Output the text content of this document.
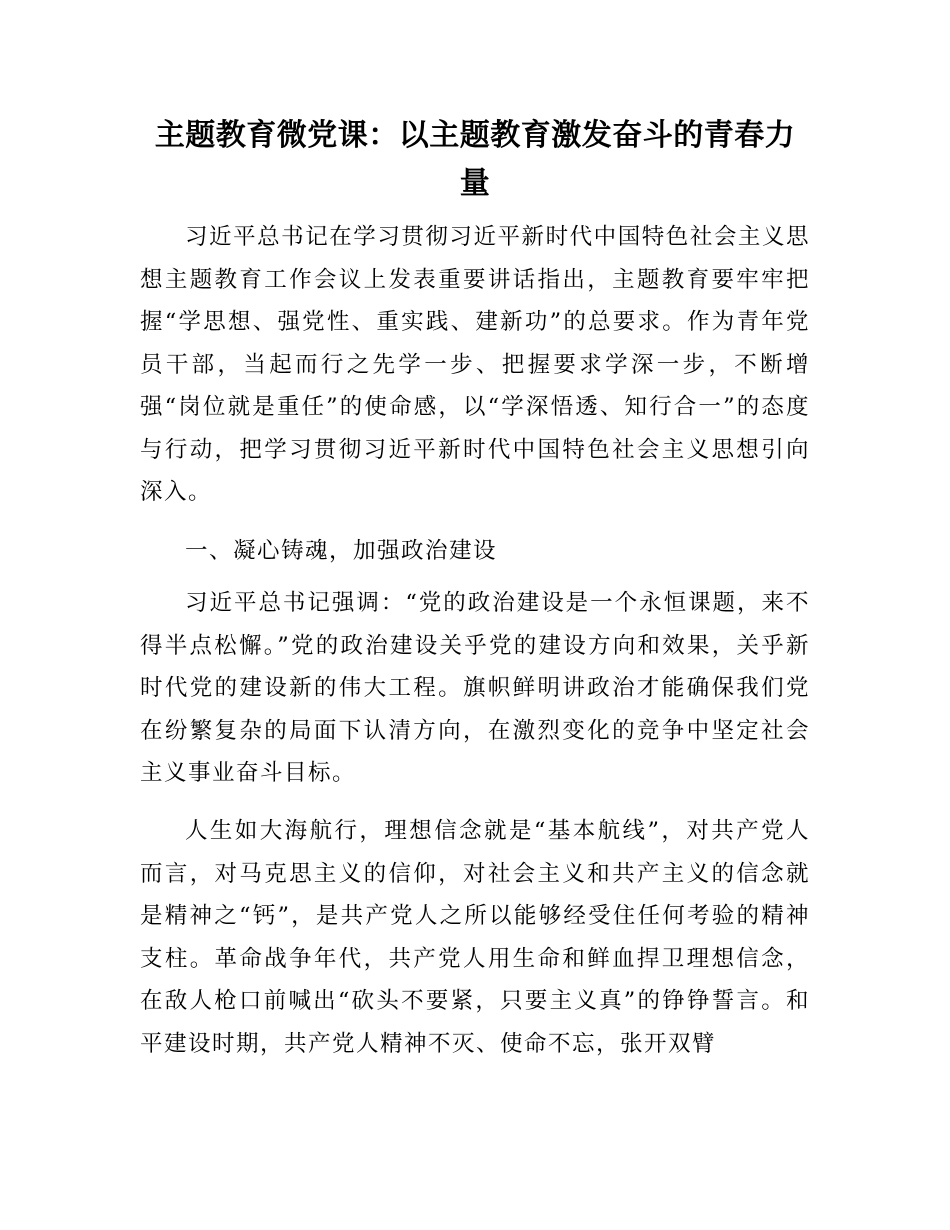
主题教育微党课：以主题教育激发奋斗的青春力量

习近平总书记在学习贯彻习近平新时代中国特色社会主义思想主题教育工作会议上发表重要讲话指出，主题教育要牢牢把握“学思想、强党性、重实践、建新功”的总要求。作为青年党员干部，当起而行之先学一步、把握要求学深一步，不断增强“岗位就是重任”的使命感，以“学深悟透、知行合一”的态度与行动，把学习贯彻习近平新时代中国特色社会主义思想引向深入。

一、凝心铸魂，加强政治建设

习近平总书记强调：“党的政治建设是一个永恒课题，来不得半点松懈。”党的政治建设关乎党的建设方向和效果，关乎新时代党的建设新的伟大工程。旗帜鲜明讲政治才能确保我们党在纷繁复杂的局面下认清方向，在激烈变化的竞争中坚定社会主义事业奋斗目标。

人生如大海航行，理想信念就是“基本航线”，对共产党人而言，对马克思主义的信仰，对社会主义和共产主义的信念就是精神之“钙”，是共产党人之所以能够经受住任何考验的精神支柱。革命战争年代，共产党人用生命和鲜血捍卫理想信念，在敌人枪口前喊出“砍头不要紧，只要主义真”的铮铮誓言。和平建设时期，共产党人精神不灭、使命不忘，张开双臂
